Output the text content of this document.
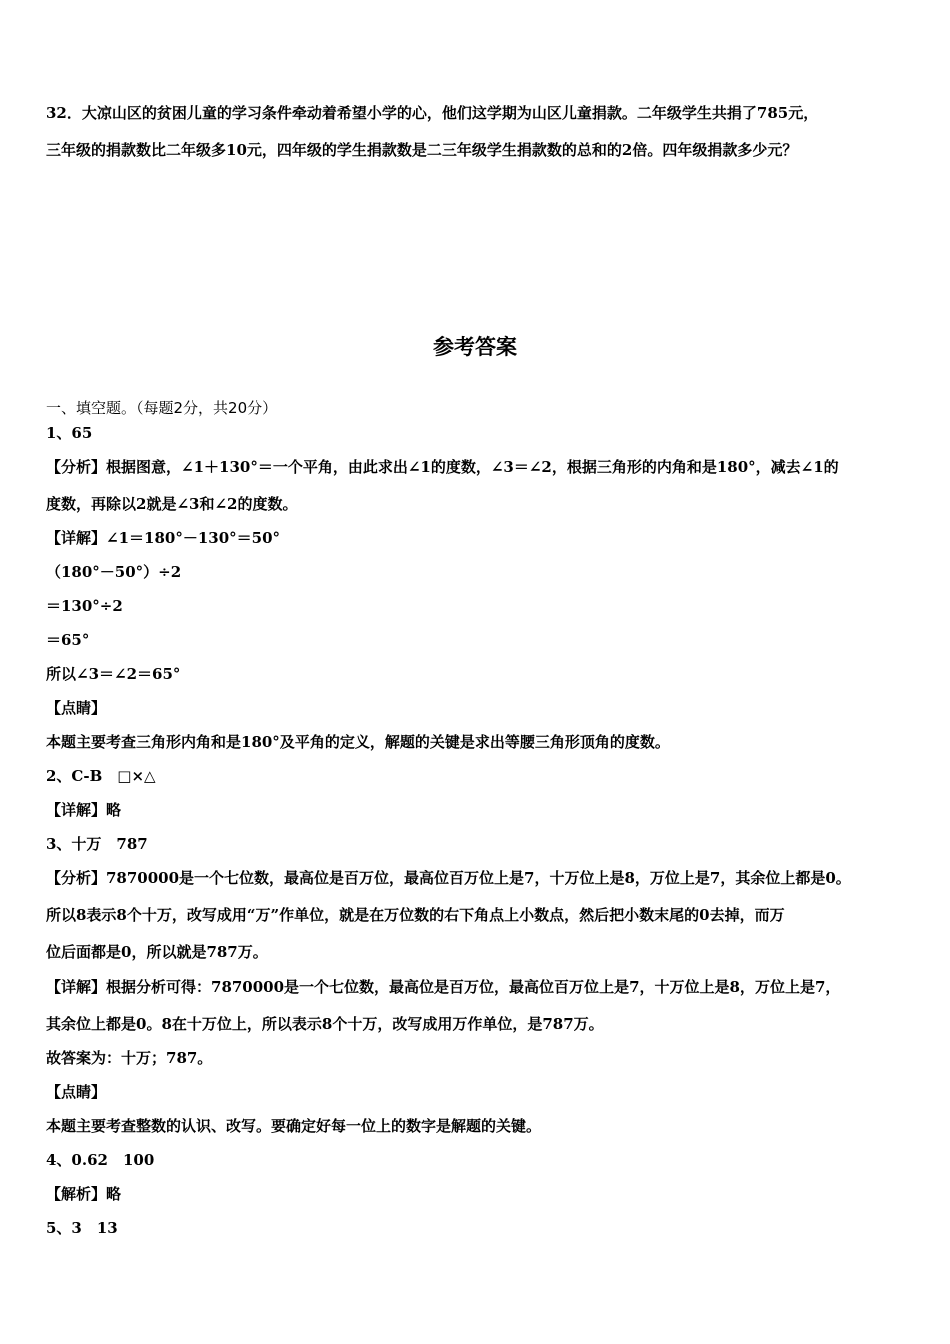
32．大凉山区的贫困儿童的学习条件牵动着希望小学的心，他们这学期为山区儿童捐款。二年级学生共捐了785元，
三年级的捐款数比二年级多10元，四年级的学生捐款数是二三年级学生捐款数的总和的2倍。四年级捐款多少元？
参考答案
一、填空题。（每题2分，共20分）
1、65
【分析】根据图意，∠1＋130°＝一个平角，由此求出∠1的度数，∠3＝∠2，根据三角形的内角和是180°，减去∠1的
度数，再除以2就是∠3和∠2的度数。
【详解】∠1＝180°－130°＝50°
（180°－50°）÷2
＝130°÷2
＝65°
所以∠3＝∠2＝65°
【点睛】
本题主要考查三角形内角和是180°及平角的定义，解题的关键是求出等腰三角形顶角的度数。
2、C-B　□×△
【详解】略
3、十万　787
【分析】7870000是一个七位数，最高位是百万位，最高位百万位上是7，十万位上是8，万位上是7，其余位上都是0。
所以8表示8个十万，改写成用“万”作单位，就是在万位数的右下角点上小数点，然后把小数末尾的0去掉，而万
位后面都是0，所以就是787万。
【详解】根据分析可得：7870000是一个七位数，最高位是百万位，最高位百万位上是7，十万位上是8，万位上是7，
其余位上都是0。8在十万位上，所以表示8个十万，改写成用万作单位，是787万。
故答案为：十万；787。
【点睛】
本题主要考查整数的认识、改写。要确定好每一位上的数字是解题的关键。
4、0.62　100
【解析】略
5、3　13
